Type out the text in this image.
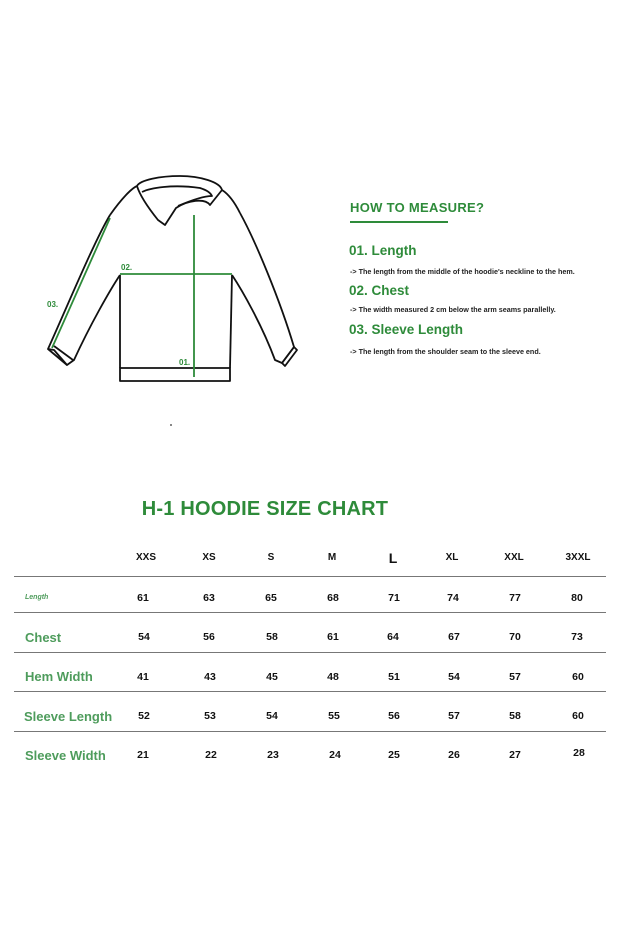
01.
02.
03.
HOW TO MEASURE?
01. Length
-> The length from the middle of the hoodie's neckline to the hem.
02. Chest
-> The width measured 2 cm below the arm seams parallelly.
03. Sleeve Length
-> The length from the shoulder seam to the sleeve end.
H-1 HOODIE SIZE CHART
XXS	XS	S	M	L	XL	XXL	3XXL
Length	61	63	65	68	71	74	77	80
Chest	54	56	58	61	64	67	70	73
Hem Width	41	43	45	48	51	54	57	60
Sleeve Length 52	53	54	55	56	57	58	60
Sleeve Width	21	22	23	24	25	26	27	28
